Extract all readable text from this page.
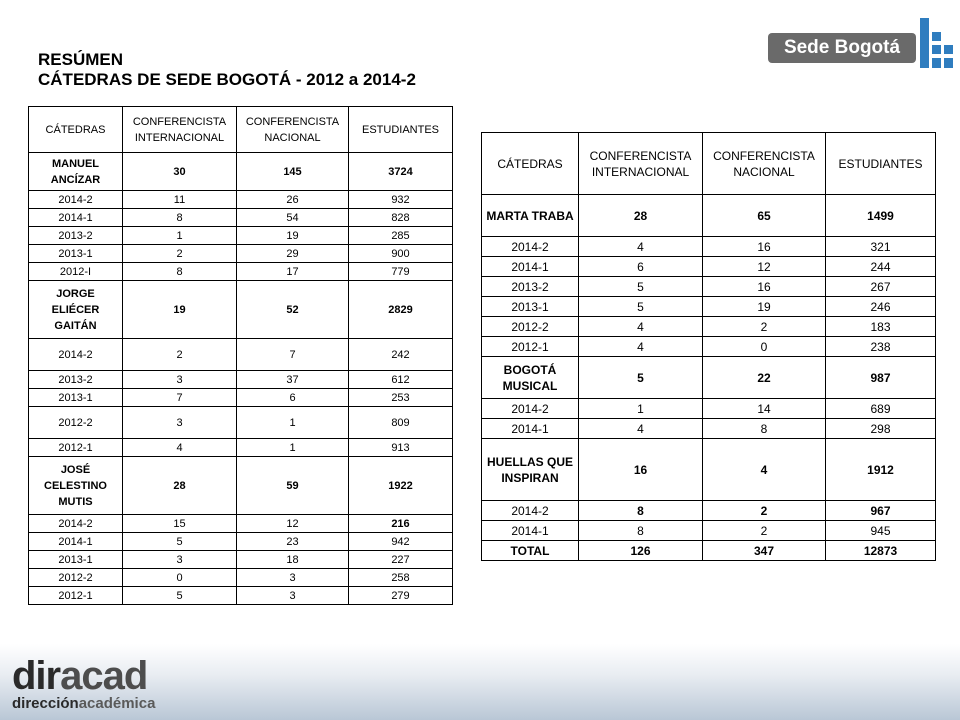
RESÚMEN
CÁTEDRAS DE SEDE BOGOTÁ - 2012 a 2014-2
Sede Bogotá
CÁTEDRAS	CONFERENCISTA INTERNACIONAL	CONFERENCISTA NACIONAL	ESTUDIANTES
MANUEL ANCÍZAR	30	145	3724
2014-2	11	26	932
2014-1	8	54	828
2013-2	1	19	285
2013-1	2	29	900
2012-I	8	17	779
JORGE ELIÉCER GAITÁN	19	52	2829
2014-2	2	7	242
2013-2	3	37	612
2013-1	7	6	253
2012-2	3	1	809
2012-1	4	1	913
JOSÉ CELESTINO MUTIS	28	59	1922
2014-2	15	12	216
2014-1	5	23	942
2013-1	3	18	227
2012-2	0	3	258
2012-1	5	3	279
CÁTEDRAS	CONFERENCISTA INTERNACIONAL	CONFERENCISTA NACIONAL	ESTUDIANTES
MARTA TRABA	28	65	1499
2014-2	4	16	321
2014-1	6	12	244
2013-2	5	16	267
2013-1	5	19	246
2012-2	4	2	183
2012-1	4	0	238
BOGOTÁ MUSICAL	5	22	987
2014-2	1	14	689
2014-1	4	8	298
HUELLAS QUE INSPIRAN	16	4	1912
2014-2	8	2	967
2014-1	8	2	945
TOTAL	126	347	12873
diracad
direcciónacadémica
